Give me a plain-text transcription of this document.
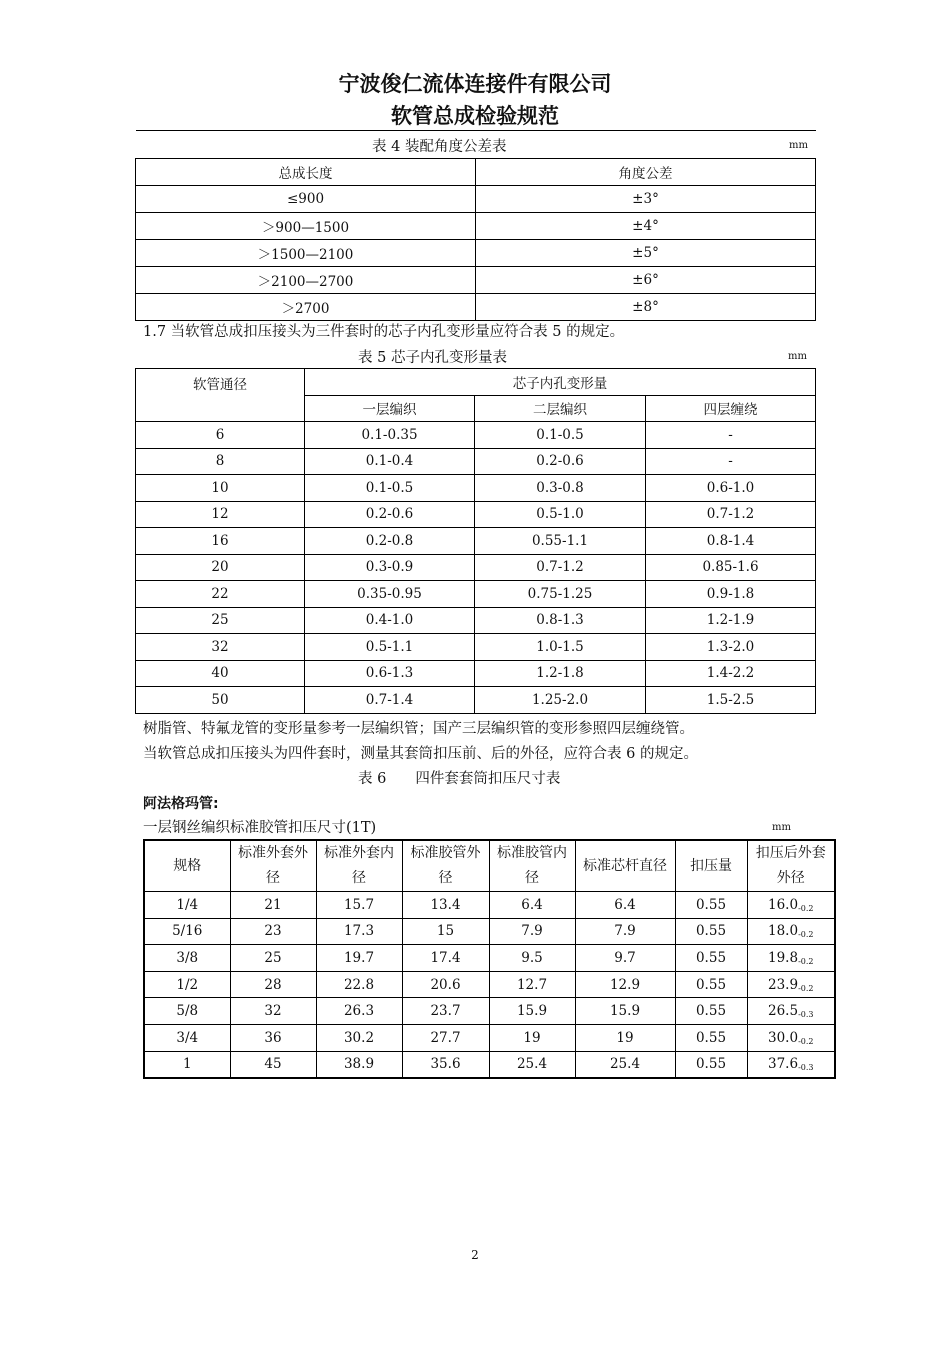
宁波俊仁流体连接件有限公司
软管总成检验规范
表 4 装配角度公差表	mm
总成长度	角度公差
≤900	±3°
＞900—1500	±4°
＞1500—2100	±5°
＞2100—2700	±6°
＞2700	±8°
1.7 当软管总成扣压接头为三件套时的芯子内孔变形量应符合表 5 的规定。
表 5 芯子内孔变形量表	mm
软管通径	芯子内孔变形量		
	一层编织	二层编织	四层缠绕
6	0.1-0.35	0.1-0.5	-
8	0.1-0.4	0.2-0.6	-
10	0.1-0.5	0.3-0.8	0.6-1.0
12	0.2-0.6	0.5-1.0	0.7-1.2
16	0.2-0.8	0.55-1.1	0.8-1.4
20	0.3-0.9	0.7-1.2	0.85-1.6
22	0.35-0.95	0.75-1.25	0.9-1.8
25	0.4-1.0	0.8-1.3	1.2-1.9
32	0.5-1.1	1.0-1.5	1.3-2.0
40	0.6-1.3	1.2-1.8	1.4-2.2
50	0.7-1.4	1.25-2.0	1.5-2.5
树脂管、特氟龙管的变形量参考一层编织管；国产三层编织管的变形参照四层缠绕管。
当软管总成扣压接头为四件套时，测量其套筒扣压前、后的外径，应符合表 6 的规定。
表 6　　四件套套筒扣压尺寸表
阿法格玛管:
一层钢丝编织标准胶管扣压尺寸(1T)	mm
规格	标准外套外径	标准外套内径	标准胶管外径	标准胶管内径	标准芯杆直径	扣压量	扣压后外套外径
1/4	21	15.7	13.4	6.4	6.4	0.55	$16.0_{-0.2}$
5/16	23	17.3	15	7.9	7.9	0.55	$18.0_{-0.2}$
3/8	25	19.7	17.4	9.5	9.7	0.55	$19.8_{-0.2}$
1/2	28	22.8	20.6	12.7	12.9	0.55	$23.9_{-0.2}$
5/8	32	26.3	23.7	15.9	15.9	0.55	$26.5_{-0.3}$
3/4	36	30.2	27.7	19	19	0.55	$30.0_{-0.2}$
1	45	38.9	35.6	25.4	25.4	0.55	$37.6_{-0.3}$
2
